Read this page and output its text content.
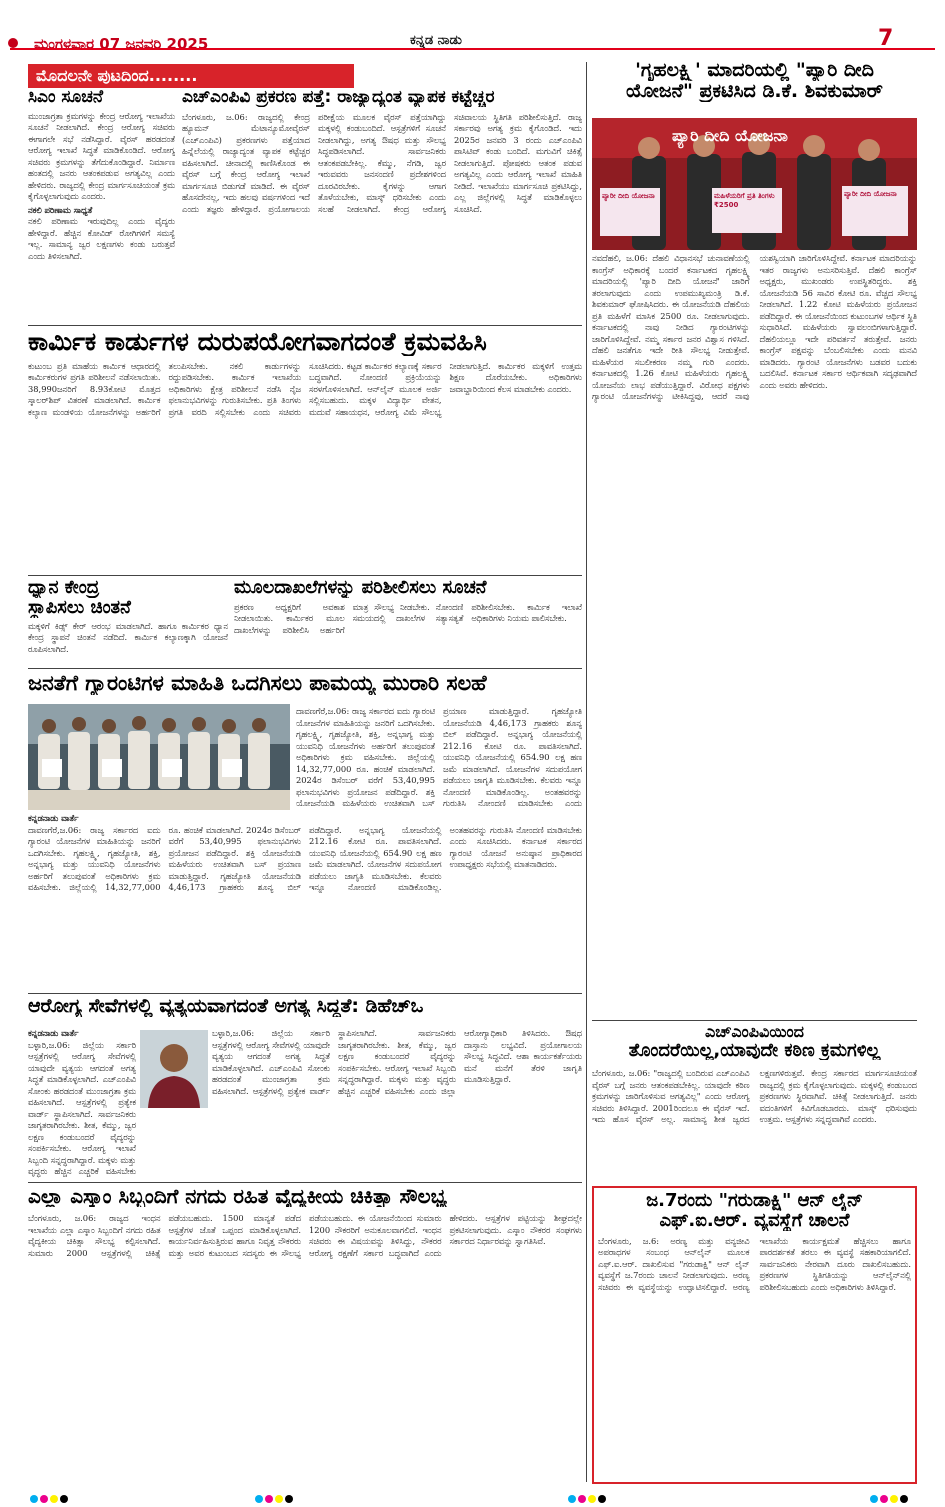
ಮಂಗಳವಾರ 07 ಜನವರಿ 2025	ಕನ್ನಡ ನಾಡು	7
ಮೊದಲನೇ ಪುಟದಿಂದ........
ಸಿಎಂ ಸೂಚನೆ
ಮುಂಜಾಗ್ರತಾ ಕ್ರಮಗಳನ್ನು ಕೇಂದ್ರ ಆರೋಗ್ಯ ಇಲಾಖೆಯ ಸೂಚನೆ ನೀಡಲಾಗಿದೆ. ಕೇಂದ್ರ ಆರೋಗ್ಯ ಸಚಿವರು ಈಗಾಗಲೇ ಸಭೆ ನಡೆಸಿದ್ದಾರೆ. ವೈರಸ್ ಹರಡದಂತೆ ಆರೋಗ್ಯ ಇಲಾಖೆ ಸಿದ್ಧತೆ ಮಾಡಿಕೊಂಡಿದೆ. ಆರೋಗ್ಯ ಸಚಿವರು ಕ್ರಮಗಳನ್ನು ತೆಗೆದುಕೊಂಡಿದ್ದಾರೆ. ನಿರ್ಮಾಣ ಹಂತದಲ್ಲಿ ಜನರು ಆತಂಕಪಡುವ ಅಗತ್ಯವಿಲ್ಲ ಎಂದು ಹೇಳಿದರು. ರಾಜ್ಯದಲ್ಲಿ ಕೇಂದ್ರ ಮಾರ್ಗಸೂಚಿಯಂತೆ ಕ್ರಮ ಕೈಗೊಳ್ಳಲಾಗುವುದು ಎಂದರು.
ನಕಲಿ ಪರಿಣಾಮ ಸಾಧ್ಯತೆ
ನಕಲಿ ಪರಿಣಾಮ ಇರುವುದಿಲ್ಲ ಎಂದು ವೈದ್ಯರು ಹೇಳಿದ್ದಾರೆ. ಹೆಚ್ಚಿನ ಕೋವಿಡ್ ರೋಗಿಗಳಿಗೆ ಸಮಸ್ಯೆ ಇಲ್ಲ. ಸಾಮಾನ್ಯ ಜ್ವರ ಲಕ್ಷಣಗಳು ಕಂಡು ಬರುತ್ತವೆ ಎಂದು ತಿಳಿಸಲಾಗಿದೆ.
ಎಚ್‌ಎಂಪಿವಿ ಪ್ರಕರಣ ಪತ್ತೆ: ರಾಜ್ಯಾದ್ಯಂತ ವ್ಯಾಪಕ ಕಟ್ಟೆಚ್ಚರ
ಬೆಂಗಳೂರು, ಜ.06: ರಾಜ್ಯದಲ್ಲಿ ಕೇಂದ್ರ ಹ್ಯೂಮನ್ ಮೆಟಾನ್ಯೂಮೋವೈರಸ್ (ಎಚ್‌ಎಂಪಿವಿ) ಪ್ರಕರಣಗಳು ಪತ್ತೆಯಾದ ಹಿನ್ನೆಲೆಯಲ್ಲಿ ರಾಜ್ಯಾದ್ಯಂತ ವ್ಯಾಪಕ ಕಟ್ಟೆಚ್ಚರ ವಹಿಸಲಾಗಿದೆ. ಚೀನಾದಲ್ಲಿ ಕಾಣಿಸಿಕೊಂಡ ಈ ವೈರಸ್ ಬಗ್ಗೆ ಕೇಂದ್ರ ಆರೋಗ್ಯ ಇಲಾಖೆ ಮಾರ್ಗಸೂಚಿ ಬಿಡುಗಡೆ ಮಾಡಿದೆ. ಈ ವೈರಸ್ ಹೊಸದೇನಲ್ಲ, ಇದು ಹಲವು ವರ್ಷಗಳಿಂದ ಇದೆ ಎಂದು ತಜ್ಞರು ಹೇಳಿದ್ದಾರೆ. ಪ್ರಯೋಗಾಲಯ ಪರೀಕ್ಷೆಯ ಮೂಲಕ ವೈರಸ್ ಪತ್ತೆಯಾಗಿದ್ದು ಮಕ್ಕಳಲ್ಲಿ ಕಂಡುಬಂದಿದೆ. ಆಸ್ಪತ್ರೆಗಳಿಗೆ ಸೂಚನೆ ನೀಡಲಾಗಿದ್ದು, ಅಗತ್ಯ ಔಷಧ ಮತ್ತು ಸೌಲಭ್ಯ ಸಿದ್ಧಪಡಿಸಲಾಗಿದೆ. ಸಾರ್ವಜನಿಕರು ಆತಂಕಪಡಬೇಕಿಲ್ಲ. ಕೆಮ್ಮು, ನೆಗಡಿ, ಜ್ವರ ಇರುವವರು ಜನಸಂದಣಿ ಪ್ರದೇಶಗಳಿಂದ ದೂರವಿರಬೇಕು. ಕೈಗಳನ್ನು ಆಗಾಗ ತೊಳೆಯಬೇಕು, ಮಾಸ್ಕ್ ಧರಿಸಬೇಕು ಎಂದು ಸಲಹೆ ನೀಡಲಾಗಿದೆ. ಕೇಂದ್ರ ಆರೋಗ್ಯ ಸಚಿವಾಲಯ ಸ್ಥಿತಿಗತಿ ಪರಿಶೀಲಿಸುತ್ತಿದೆ. ರಾಜ್ಯ ಸರ್ಕಾರವು ಅಗತ್ಯ ಕ್ರಮ ಕೈಗೊಂಡಿದೆ. ಇದು 2025ರ ಜನವರಿ 3 ರಂದು ಎಚ್‌ಎಂಪಿವಿ ಪಾಸಿಟಿವ್ ಕಂಡು ಬಂದಿದೆ. ಮಗುವಿಗೆ ಚಿಕಿತ್ಸೆ ನೀಡಲಾಗುತ್ತಿದೆ. ಪೋಷಕರು ಆತಂಕ ಪಡುವ ಅಗತ್ಯವಿಲ್ಲ ಎಂದು ಆರೋಗ್ಯ ಇಲಾಖೆ ಮಾಹಿತಿ ನೀಡಿದೆ. ಇಲಾಖೆಯು ಮಾರ್ಗಸೂಚಿ ಪ್ರಕಟಿಸಿದ್ದು, ಎಲ್ಲ ಜಿಲ್ಲೆಗಳಲ್ಲಿ ಸಿದ್ಧತೆ ಮಾಡಿಕೊಳ್ಳಲು ಸೂಚಿಸಿದೆ.
ಕಾರ್ಮಿಕ ಕಾರ್ಡುಗಳ ದುರುಪಯೋಗವಾಗದಂತೆ ಕ್ರಮವಹಿಸಿ
ಕುಟುಂಬ ಪ್ರತಿ ಮಾಹೆಯ ಕಾರ್ಮಿಕ ಆಧಾರದಲ್ಲಿ ಕಾರ್ಮಿಕರುಗಳ ಪ್ರಗತಿ ಪರಿಶೀಲನೆ ನಡೆಸಲಾಯಿತು. 38,990ಜನರಿಗೆ 8.93ಕೋಟಿ ಮೊತ್ತದ ಸ್ಕಾಲರ್‌ಶಿಪ್ ವಿತರಣೆ ಮಾಡಲಾಗಿದೆ. ಕಾರ್ಮಿಕ ಕಲ್ಯಾಣ ಮಂಡಳಿಯ ಯೋಜನೆಗಳನ್ನು ಅರ್ಹರಿಗೆ ತಲುಪಿಸಬೇಕು. ನಕಲಿ ಕಾರ್ಡುಗಳನ್ನು ರದ್ದುಪಡಿಸಬೇಕು. ಕಾರ್ಮಿಕ ಇಲಾಖೆಯ ಅಧಿಕಾರಿಗಳು ಕ್ಷೇತ್ರ ಪರಿಶೀಲನೆ ನಡೆಸಿ ನೈಜ ಫಲಾನುಭವಿಗಳನ್ನು ಗುರುತಿಸಬೇಕು. ಪ್ರತಿ ತಿಂಗಳು ಪ್ರಗತಿ ವರದಿ ಸಲ್ಲಿಸಬೇಕು ಎಂದು ಸಚಿವರು ಸೂಚಿಸಿದರು. ಕಟ್ಟಡ ಕಾರ್ಮಿಕರ ಕಲ್ಯಾಣಕ್ಕೆ ಸರ್ಕಾರ ಬದ್ಧವಾಗಿದೆ. ನೋಂದಣಿ ಪ್ರಕ್ರಿಯೆಯನ್ನು ಸರಳಗೊಳಿಸಲಾಗಿದೆ. ಆನ್‌ಲೈನ್ ಮೂಲಕ ಅರ್ಜಿ ಸಲ್ಲಿಸಬಹುದು. ಮಕ್ಕಳ ವಿದ್ಯಾರ್ಥಿ ವೇತನ, ಮದುವೆ ಸಹಾಯಧನ, ಆರೋಗ್ಯ ವಿಮೆ ಸೌಲಭ್ಯ ನೀಡಲಾಗುತ್ತಿದೆ. ಕಾರ್ಮಿಕರ ಮಕ್ಕಳಿಗೆ ಉತ್ತಮ ಶಿಕ್ಷಣ ದೊರೆಯಬೇಕು. ಅಧಿಕಾರಿಗಳು ಜವಾಬ್ದಾರಿಯಿಂದ ಕೆಲಸ ಮಾಡಬೇಕು ಎಂದರು.
ಧ್ಯಾನ ಕೇಂದ್ರ
ಸ್ಥಾಪಿಸಲು ಚಿಂತನೆ
ಮಕ್ಕಳಿಗೆ ಕಿಡ್ಸ್ ಕೇರ್ ಆರಂಭ ಮಾಡಲಾಗಿದೆ. ಹಾಗೂ ಕಾರ್ಮಿಕರ ಧ್ಯಾನ ಕೇಂದ್ರ ಸ್ಥಾಪನೆ ಚಿಂತನೆ ನಡೆದಿದೆ. ಕಾರ್ಮಿಕ ಕಲ್ಯಾಣಕ್ಕಾಗಿ ಯೋಜನೆ ರೂಪಿಸಲಾಗಿದೆ.
ಮೂಲದಾಖಲೆಗಳನ್ನು ಪರಿಶೀಲಿಸಲು ಸೂಚನೆ
ಪ್ರಕರಣ ಅಧ್ಯಕ್ಷರಿಗೆ ಅವಕಾಶ ನೀಡಲಾಯಿತು. ಕಾರ್ಮಿಕರ ಮೂಲ ದಾಖಲೆಗಳನ್ನು ಪರಿಶೀಲಿಸಿ ಅರ್ಹರಿಗೆ ಮಾತ್ರ ಸೌಲಭ್ಯ ನೀಡಬೇಕು. ನೋಂದಣಿ ಸಮಯದಲ್ಲಿ ದಾಖಲೆಗಳ ಸತ್ಯಾಸತ್ಯತೆ ಪರಿಶೀಲಿಸಬೇಕು. ಕಾರ್ಮಿಕ ಇಲಾಖೆ ಅಧಿಕಾರಿಗಳು ನಿಯಮ ಪಾಲಿಸಬೇಕು.
ಜನತೆಗೆ ಗ್ಯಾರಂಟಿಗಳ ಮಾಹಿತಿ ಒದಗಿಸಲು ಪಾಮಯ್ಯ ಮುರಾರಿ ಸಲಹೆ
ಕನ್ನಡನಾಡು ವಾರ್ತೆ
ದಾವಣಗೆರೆ,ಜ.06: ರಾಜ್ಯ ಸರ್ಕಾರದ ಐದು ಗ್ಯಾರಂಟಿ ಯೋಜನೆಗಳ ಮಾಹಿತಿಯನ್ನು ಜನರಿಗೆ ಒದಗಿಸಬೇಕು. ಗೃಹಲಕ್ಷ್ಮಿ, ಗೃಹಜ್ಯೋತಿ, ಶಕ್ತಿ, ಅನ್ನಭಾಗ್ಯ ಮತ್ತು ಯುವನಿಧಿ ಯೋಜನೆಗಳು ಅರ್ಹರಿಗೆ ತಲುಪುವಂತೆ ಅಧಿಕಾರಿಗಳು ಕ್ರಮ ವಹಿಸಬೇಕು. ಜಿಲ್ಲೆಯಲ್ಲಿ 14,32,77,000 ರೂ. ಹಂಚಿಕೆ ಮಾಡಲಾಗಿದೆ. 2024ರ ಡಿಸೆಂಬರ್ ವರೆಗೆ 53,40,995 ಫಲಾನುಭವಿಗಳು ಪ್ರಯೋಜನ ಪಡೆದಿದ್ದಾರೆ. ಶಕ್ತಿ ಯೋಜನೆಯಡಿ ಮಹಿಳೆಯರು ಉಚಿತವಾಗಿ ಬಸ್ ಪ್ರಯಾಣ ಮಾಡುತ್ತಿದ್ದಾರೆ. ಗೃಹಜ್ಯೋತಿ ಯೋಜನೆಯಡಿ 4,46,173 ಗ್ರಾಹಕರು ಶೂನ್ಯ ಬಿಲ್ ಪಡೆದಿದ್ದಾರೆ. ಅನ್ನಭಾಗ್ಯ ಯೋಜನೆಯಲ್ಲಿ 212.16 ಕೋಟಿ ರೂ. ಪಾವತಿಸಲಾಗಿದೆ. ಯುವನಿಧಿ ಯೋಜನೆಯಲ್ಲಿ 654.90 ಲಕ್ಷ ಹಣ ಜಮೆ ಮಾಡಲಾಗಿದೆ. ಯೋಜನೆಗಳ ಸದುಪಯೋಗ ಪಡೆಯಲು ಜಾಗೃತಿ ಮೂಡಿಸಬೇಕು. ಕೆಲವರು ಇನ್ನೂ ನೋಂದಣಿ ಮಾಡಿಕೊಂಡಿಲ್ಲ. ಅಂತಹವರನ್ನು ಗುರುತಿಸಿ ನೋಂದಣಿ ಮಾಡಿಸಬೇಕು ಎಂದು ಸೂಚಿಸಿದರು. ಕರ್ನಾಟಕ ಸರ್ಕಾರದ ಗ್ಯಾರಂಟಿ ಯೋಜನೆ ಅನುಷ್ಠಾನ ಪ್ರಾಧಿಕಾರದ ಉಪಾಧ್ಯಕ್ಷರು ಸಭೆಯಲ್ಲಿ ಮಾತನಾಡಿದರು.
ದಾವಣಗೆರೆ,ಜ.06: ರಾಜ್ಯ ಸರ್ಕಾರದ ಐದು ಗ್ಯಾರಂಟಿ ಯೋಜನೆಗಳ ಮಾಹಿತಿಯನ್ನು ಜನರಿಗೆ ಒದಗಿಸಬೇಕು. ಗೃಹಲಕ್ಷ್ಮಿ, ಗೃಹಜ್ಯೋತಿ, ಶಕ್ತಿ, ಅನ್ನಭಾಗ್ಯ ಮತ್ತು ಯುವನಿಧಿ ಯೋಜನೆಗಳು ಅರ್ಹರಿಗೆ ತಲುಪುವಂತೆ ಅಧಿಕಾರಿಗಳು ಕ್ರಮ ವಹಿಸಬೇಕು. ಜಿಲ್ಲೆಯಲ್ಲಿ 14,32,77,000 ರೂ. ಹಂಚಿಕೆ ಮಾಡಲಾಗಿದೆ. 2024ರ ಡಿಸೆಂಬರ್ ವರೆಗೆ 53,40,995 ಫಲಾನುಭವಿಗಳು ಪ್ರಯೋಜನ ಪಡೆದಿದ್ದಾರೆ. ಶಕ್ತಿ ಯೋಜನೆಯಡಿ ಮಹಿಳೆಯರು ಉಚಿತವಾಗಿ ಬಸ್ ಪ್ರಯಾಣ ಮಾಡುತ್ತಿದ್ದಾರೆ. ಗೃಹಜ್ಯೋತಿ ಯೋಜನೆಯಡಿ 4,46,173 ಗ್ರಾಹಕರು ಶೂನ್ಯ ಬಿಲ್ ಪಡೆದಿದ್ದಾರೆ. ಅನ್ನಭಾಗ್ಯ ಯೋಜನೆಯಲ್ಲಿ 212.16 ಕೋಟಿ ರೂ. ಪಾವತಿಸಲಾಗಿದೆ. ಯುವನಿಧಿ ಯೋಜನೆಯಲ್ಲಿ 654.90 ಲಕ್ಷ ಹಣ ಜಮೆ ಮಾಡಲಾಗಿದೆ. ಯೋಜನೆಗಳ ಸದುಪಯೋಗ ಪಡೆಯಲು ಜಾಗೃತಿ ಮೂಡಿಸಬೇಕು. ಕೆಲವರು ಇನ್ನೂ ನೋಂದಣಿ ಮಾಡಿಕೊಂಡಿಲ್ಲ. ಅಂತಹವರನ್ನು ಗುರುತಿಸಿ ನೋಂದಣಿ ಮಾಡಿಸಬೇಕು ಎಂದು
ಆರೋಗ್ಯ ಸೇವೆಗಳಲ್ಲಿ ವ್ಯತ್ಯಯವಾಗದಂತೆ ಅಗತ್ಯ ಸಿದ್ಧತೆ: ಡಿಹೆಚ್‌ಒ
ಕನ್ನಡನಾಡು ವಾರ್ತೆ
ಬಳ್ಳಾರಿ,ಜ.06: ಜಿಲ್ಲೆಯ ಸರ್ಕಾರಿ ಆಸ್ಪತ್ರೆಗಳಲ್ಲಿ ಆರೋಗ್ಯ ಸೇವೆಗಳಲ್ಲಿ ಯಾವುದೇ ವ್ಯತ್ಯಯ ಆಗದಂತೆ ಅಗತ್ಯ ಸಿದ್ಧತೆ ಮಾಡಿಕೊಳ್ಳಲಾಗಿದೆ. ಎಚ್‌ಎಂಪಿವಿ ಸೋಂಕು ಹರಡದಂತೆ ಮುಂಜಾಗ್ರತಾ ಕ್ರಮ ವಹಿಸಲಾಗಿದೆ. ಆಸ್ಪತ್ರೆಗಳಲ್ಲಿ ಪ್ರತ್ಯೇಕ ವಾರ್ಡ್ ಸ್ಥಾಪಿಸಲಾಗಿದೆ. ಸಾರ್ವಜನಿಕರು ಜಾಗೃತರಾಗಿರಬೇಕು. ಶೀತ, ಕೆಮ್ಮು, ಜ್ವರ ಲಕ್ಷಣ ಕಂಡುಬಂದರೆ ವೈದ್ಯರನ್ನು ಸಂಪರ್ಕಿಸಬೇಕು. ಆರೋಗ್ಯ ಇಲಾಖೆ ಸಿಬ್ಬಂದಿ ಸನ್ನದ್ಧರಾಗಿದ್ದಾರೆ. ಮಕ್ಕಳು ಮತ್ತು ವೃದ್ಧರು ಹೆಚ್ಚಿನ ಎಚ್ಚರಿಕೆ ವಹಿಸಬೇಕು
ಬಳ್ಳಾರಿ,ಜ.06: ಜಿಲ್ಲೆಯ ಸರ್ಕಾರಿ ಆಸ್ಪತ್ರೆಗಳಲ್ಲಿ ಆರೋಗ್ಯ ಸೇವೆಗಳಲ್ಲಿ ಯಾವುದೇ ವ್ಯತ್ಯಯ ಆಗದಂತೆ ಅಗತ್ಯ ಸಿದ್ಧತೆ ಮಾಡಿಕೊಳ್ಳಲಾಗಿದೆ. ಎಚ್‌ಎಂಪಿವಿ ಸೋಂಕು ಹರಡದಂತೆ ಮುಂಜಾಗ್ರತಾ ಕ್ರಮ ವಹಿಸಲಾಗಿದೆ. ಆಸ್ಪತ್ರೆಗಳಲ್ಲಿ ಪ್ರತ್ಯೇಕ ವಾರ್ಡ್ ಸ್ಥಾಪಿಸಲಾಗಿದೆ. ಸಾರ್ವಜನಿಕರು ಜಾಗೃತರಾಗಿರಬೇಕು. ಶೀತ, ಕೆಮ್ಮು, ಜ್ವರ ಲಕ್ಷಣ ಕಂಡುಬಂದರೆ ವೈದ್ಯರನ್ನು ಸಂಪರ್ಕಿಸಬೇಕು. ಆರೋಗ್ಯ ಇಲಾಖೆ ಸಿಬ್ಬಂದಿ ಸನ್ನದ್ಧರಾಗಿದ್ದಾರೆ. ಮಕ್ಕಳು ಮತ್ತು ವೃದ್ಧರು ಹೆಚ್ಚಿನ ಎಚ್ಚರಿಕೆ ವಹಿಸಬೇಕು ಎಂದು ಜಿಲ್ಲಾ ಆರೋಗ್ಯಾಧಿಕಾರಿ ತಿಳಿಸಿದರು. ಔಷಧ ದಾಸ್ತಾನು ಲಭ್ಯವಿದೆ. ಪ್ರಯೋಗಾಲಯ ಸೌಲಭ್ಯ ಸಿದ್ಧವಿದೆ. ಆಶಾ ಕಾರ್ಯಕರ್ತೆಯರು ಮನೆ ಮನೆಗೆ ತೆರಳಿ ಜಾಗೃತಿ ಮೂಡಿಸುತ್ತಿದ್ದಾರೆ.
ಎಲ್ಲಾ ಎಸ್ಕಾಂ ಸಿಬ್ಬಂದಿಗೆ ನಗದು ರಹಿತ ವೈದ್ಯಕೀಯ ಚಿಕಿತ್ಸಾ ಸೌಲಭ್ಯ
ಬೆಂಗಳೂರು, ಜ.06: ರಾಜ್ಯದ ಇಂಧನ ಇಲಾಖೆಯ ಎಲ್ಲಾ ಎಸ್ಕಾಂ ಸಿಬ್ಬಂದಿಗೆ ನಗದು ರಹಿತ ವೈದ್ಯಕೀಯ ಚಿಕಿತ್ಸಾ ಸೌಲಭ್ಯ ಕಲ್ಪಿಸಲಾಗಿದೆ. ಸುಮಾರು 2000 ಆಸ್ಪತ್ರೆಗಳಲ್ಲಿ ಚಿಕಿತ್ಸೆ ಪಡೆಯಬಹುದು. 1500 ಮಾನ್ಯತೆ ಪಡೆದ ಆಸ್ಪತ್ರೆಗಳ ಜೊತೆ ಒಪ್ಪಂದ ಮಾಡಿಕೊಳ್ಳಲಾಗಿದೆ. ಕಾರ್ಯನಿರ್ವಹಿಸುತ್ತಿರುವ ಹಾಗೂ ನಿವೃತ್ತ ನೌಕರರು ಮತ್ತು ಅವರ ಕುಟುಂಬದ ಸದಸ್ಯರು ಈ ಸೌಲಭ್ಯ ಪಡೆಯಬಹುದು. ಈ ಯೋಜನೆಯಿಂದ ಸುಮಾರು 1200 ನೌಕರರಿಗೆ ಅನುಕೂಲವಾಗಲಿದೆ. ಇಂಧನ ಸಚಿವರು ಈ ವಿಷಯವನ್ನು ತಿಳಿಸಿದ್ದು, ನೌಕರರ ಆರೋಗ್ಯ ರಕ್ಷಣೆಗೆ ಸರ್ಕಾರ ಬದ್ಧವಾಗಿದೆ ಎಂದು ಹೇಳಿದರು. ಆಸ್ಪತ್ರೆಗಳ ಪಟ್ಟಿಯನ್ನು ಶೀಘ್ರದಲ್ಲೇ ಪ್ರಕಟಿಸಲಾಗುವುದು. ಎಸ್ಕಾಂ ನೌಕರರ ಸಂಘಗಳು ಸರ್ಕಾರದ ನಿರ್ಧಾರವನ್ನು ಸ್ವಾಗತಿಸಿವೆ.
'ಗೃಹಲಕ್ಷ್ಮಿ' ಮಾದರಿಯಲ್ಲಿ "ಪ್ಯಾರಿ ದೀದಿ
ಯೋಜನೆ" ಪ್ರಕಟಿಸಿದ ಡಿ.ಕೆ. ಶಿವಕುಮಾರ್
ಪ್ಯಾರಿ ದೀದಿ ಯೋಜನಾ
ಪ್ಯಾರೀ ದೀದಿ ಯೋಜನಾ	ಮಹಿಳೆಯರಿಗೆ ಪ್ರತಿ ತಿಂಗಳು ₹2500
ಪ್ಯಾರೀ ದೀದಿ ಯೋಜನಾ
ನವದೆಹಲಿ, ಜ.06: ದೆಹಲಿ ವಿಧಾನಸಭೆ ಚುನಾವಣೆಯಲ್ಲಿ ಕಾಂಗ್ರೆಸ್ ಅಧಿಕಾರಕ್ಕೆ ಬಂದರೆ ಕರ್ನಾಟಕದ ಗೃಹಲಕ್ಷ್ಮಿ ಮಾದರಿಯಲ್ಲಿ 'ಪ್ಯಾರಿ ದೀದಿ ಯೋಜನೆ' ಜಾರಿಗೆ ತರಲಾಗುವುದು ಎಂದು ಉಪಮುಖ್ಯಮಂತ್ರಿ ಡಿ.ಕೆ. ಶಿವಕುಮಾರ್ ಘೋಷಿಸಿದರು. ಈ ಯೋಜನೆಯಡಿ ದೆಹಲಿಯ ಪ್ರತಿ ಮಹಿಳೆಗೆ ಮಾಸಿಕ 2500 ರೂ. ನೀಡಲಾಗುವುದು. ಕರ್ನಾಟಕದಲ್ಲಿ ನಾವು ನೀಡಿದ ಗ್ಯಾರಂಟಿಗಳನ್ನು ಜಾರಿಗೊಳಿಸಿದ್ದೇವೆ. ನಮ್ಮ ಸರ್ಕಾರ ಜನರ ವಿಶ್ವಾಸ ಗಳಿಸಿದೆ. ದೆಹಲಿ ಜನತೆಗೂ ಇದೇ ರೀತಿ ಸೌಲಭ್ಯ ನೀಡುತ್ತೇವೆ. ಮಹಿಳೆಯರ ಸಬಲೀಕರಣ ನಮ್ಮ ಗುರಿ ಎಂದರು. ಕರ್ನಾಟಕದಲ್ಲಿ 1.26 ಕೋಟಿ ಮಹಿಳೆಯರು ಗೃಹಲಕ್ಷ್ಮಿ ಯೋಜನೆಯ ಲಾಭ ಪಡೆಯುತ್ತಿದ್ದಾರೆ. ವಿರೋಧ ಪಕ್ಷಗಳು ಗ್ಯಾರಂಟಿ ಯೋಜನೆಗಳನ್ನು ಟೀಕಿಸಿದ್ದವು, ಆದರೆ ನಾವು ಯಶಸ್ವಿಯಾಗಿ ಜಾರಿಗೊಳಿಸಿದ್ದೇವೆ. ಕರ್ನಾಟಕ ಮಾದರಿಯನ್ನು ಇತರ ರಾಜ್ಯಗಳು ಅನುಸರಿಸುತ್ತಿವೆ. ದೆಹಲಿ ಕಾಂಗ್ರೆಸ್ ಅಧ್ಯಕ್ಷರು, ಮುಖಂಡರು ಉಪಸ್ಥಿತರಿದ್ದರು. ಶಕ್ತಿ ಯೋಜನೆಯಡಿ 56 ಸಾವಿರ ಕೋಟಿ ರೂ. ವೆಚ್ಚದ ಸೌಲಭ್ಯ ನೀಡಲಾಗಿದೆ. 1.22 ಕೋಟಿ ಮಹಿಳೆಯರು ಪ್ರಯೋಜನ ಪಡೆದಿದ್ದಾರೆ. ಈ ಯೋಜನೆಯಿಂದ ಕುಟುಂಬಗಳ ಆರ್ಥಿಕ ಸ್ಥಿತಿ ಸುಧಾರಿಸಿದೆ. ಮಹಿಳೆಯರು ಸ್ವಾವಲಂಬಿಗಳಾಗುತ್ತಿದ್ದಾರೆ. ದೆಹಲಿಯಲ್ಲೂ ಇದೇ ಪರಿವರ್ತನೆ ತರುತ್ತೇವೆ. ಜನರು ಕಾಂಗ್ರೆಸ್ ಪಕ್ಷವನ್ನು ಬೆಂಬಲಿಸಬೇಕು ಎಂದು ಮನವಿ ಮಾಡಿದರು. ಗ್ಯಾರಂಟಿ ಯೋಜನೆಗಳು ಬಡವರ ಬದುಕು ಬದಲಿಸಿವೆ. ಕರ್ನಾಟಕ ಸರ್ಕಾರ ಆರ್ಥಿಕವಾಗಿ ಸದೃಢವಾಗಿದೆ ಎಂದು ಅವರು ಹೇಳಿದರು.
ಎಚ್‌ಎಂಪಿವಿಯಿಂದ
ತೊಂದರೆಯಿಲ್ಲ,ಯಾವುದೇ ಕಠಿಣ ಕ್ರಮಗಳಿಲ್ಲ
ಬೆಂಗಳೂರು, ಜ.06: "ರಾಜ್ಯದಲ್ಲಿ ಬಂದಿರುವ ಎಚ್‌ಎಂಪಿವಿ ವೈರಸ್ ಬಗ್ಗೆ ಜನರು ಆತಂಕಪಡಬೇಕಿಲ್ಲ. ಯಾವುದೇ ಕಠಿಣ ಕ್ರಮಗಳನ್ನು ಜಾರಿಗೊಳಿಸುವ ಅಗತ್ಯವಿಲ್ಲ" ಎಂದು ಆರೋಗ್ಯ ಸಚಿವರು ತಿಳಿಸಿದ್ದಾರೆ. 2001ರಿಂದಲೂ ಈ ವೈರಸ್ ಇದೆ. ಇದು ಹೊಸ ವೈರಸ್ ಅಲ್ಲ. ಸಾಮಾನ್ಯ ಶೀತ ಜ್ವರದ ಲಕ್ಷಣಗಳಿರುತ್ತವೆ. ಕೇಂದ್ರ ಸರ್ಕಾರದ ಮಾರ್ಗಸೂಚಿಯಂತೆ ರಾಜ್ಯದಲ್ಲಿ ಕ್ರಮ ಕೈಗೊಳ್ಳಲಾಗುವುದು. ಮಕ್ಕಳಲ್ಲಿ ಕಂಡುಬಂದ ಪ್ರಕರಣಗಳು ಸ್ಥಿರವಾಗಿವೆ. ಚಿಕಿತ್ಸೆ ನೀಡಲಾಗುತ್ತಿದೆ. ಜನರು ವದಂತಿಗಳಿಗೆ ಕಿವಿಗೊಡಬಾರದು. ಮಾಸ್ಕ್ ಧರಿಸುವುದು ಉತ್ತಮ. ಆಸ್ಪತ್ರೆಗಳು ಸನ್ನದ್ಧವಾಗಿವೆ ಎಂದರು.
ಜ.7ರಂದು "ಗರುಡಾಕ್ಷಿ" ಆನ್ ಲೈನ್
ಎಫ್.ಐ.ಆರ್. ವ್ಯವಸ್ಥೆಗೆ ಚಾಲನೆ
ಬೆಂಗಳೂರು, ಜ.6: ಅರಣ್ಯ ಮತ್ತು ವನ್ಯಜೀವಿ ಅಪರಾಧಗಳ ಸಂಬಂಧ ಆನ್‌ಲೈನ್ ಮೂಲಕ ಎಫ್.ಐ.ಆರ್. ದಾಖಲಿಸುವ "ಗರುಡಾಕ್ಷಿ" ಆನ್ ಲೈನ್ ವ್ಯವಸ್ಥೆಗೆ ಜ.7ರಂದು ಚಾಲನೆ ನೀಡಲಾಗುವುದು. ಅರಣ್ಯ ಸಚಿವರು ಈ ವ್ಯವಸ್ಥೆಯನ್ನು ಉದ್ಘಾಟಿಸಲಿದ್ದಾರೆ. ಅರಣ್ಯ ಇಲಾಖೆಯ ಕಾರ್ಯಕ್ಷಮತೆ ಹೆಚ್ಚಿಸಲು ಹಾಗೂ ಪಾರದರ್ಶಕತೆ ತರಲು ಈ ವ್ಯವಸ್ಥೆ ಸಹಕಾರಿಯಾಗಲಿದೆ. ಸಾರ್ವಜನಿಕರು ನೇರವಾಗಿ ದೂರು ದಾಖಲಿಸಬಹುದು. ಪ್ರಕರಣಗಳ ಸ್ಥಿತಿಗತಿಯನ್ನು ಆನ್‌ಲೈನ್‌ನಲ್ಲಿ ಪರಿಶೀಲಿಸಬಹುದು ಎಂದು ಅಧಿಕಾರಿಗಳು ತಿಳಿಸಿದ್ದಾರೆ.
